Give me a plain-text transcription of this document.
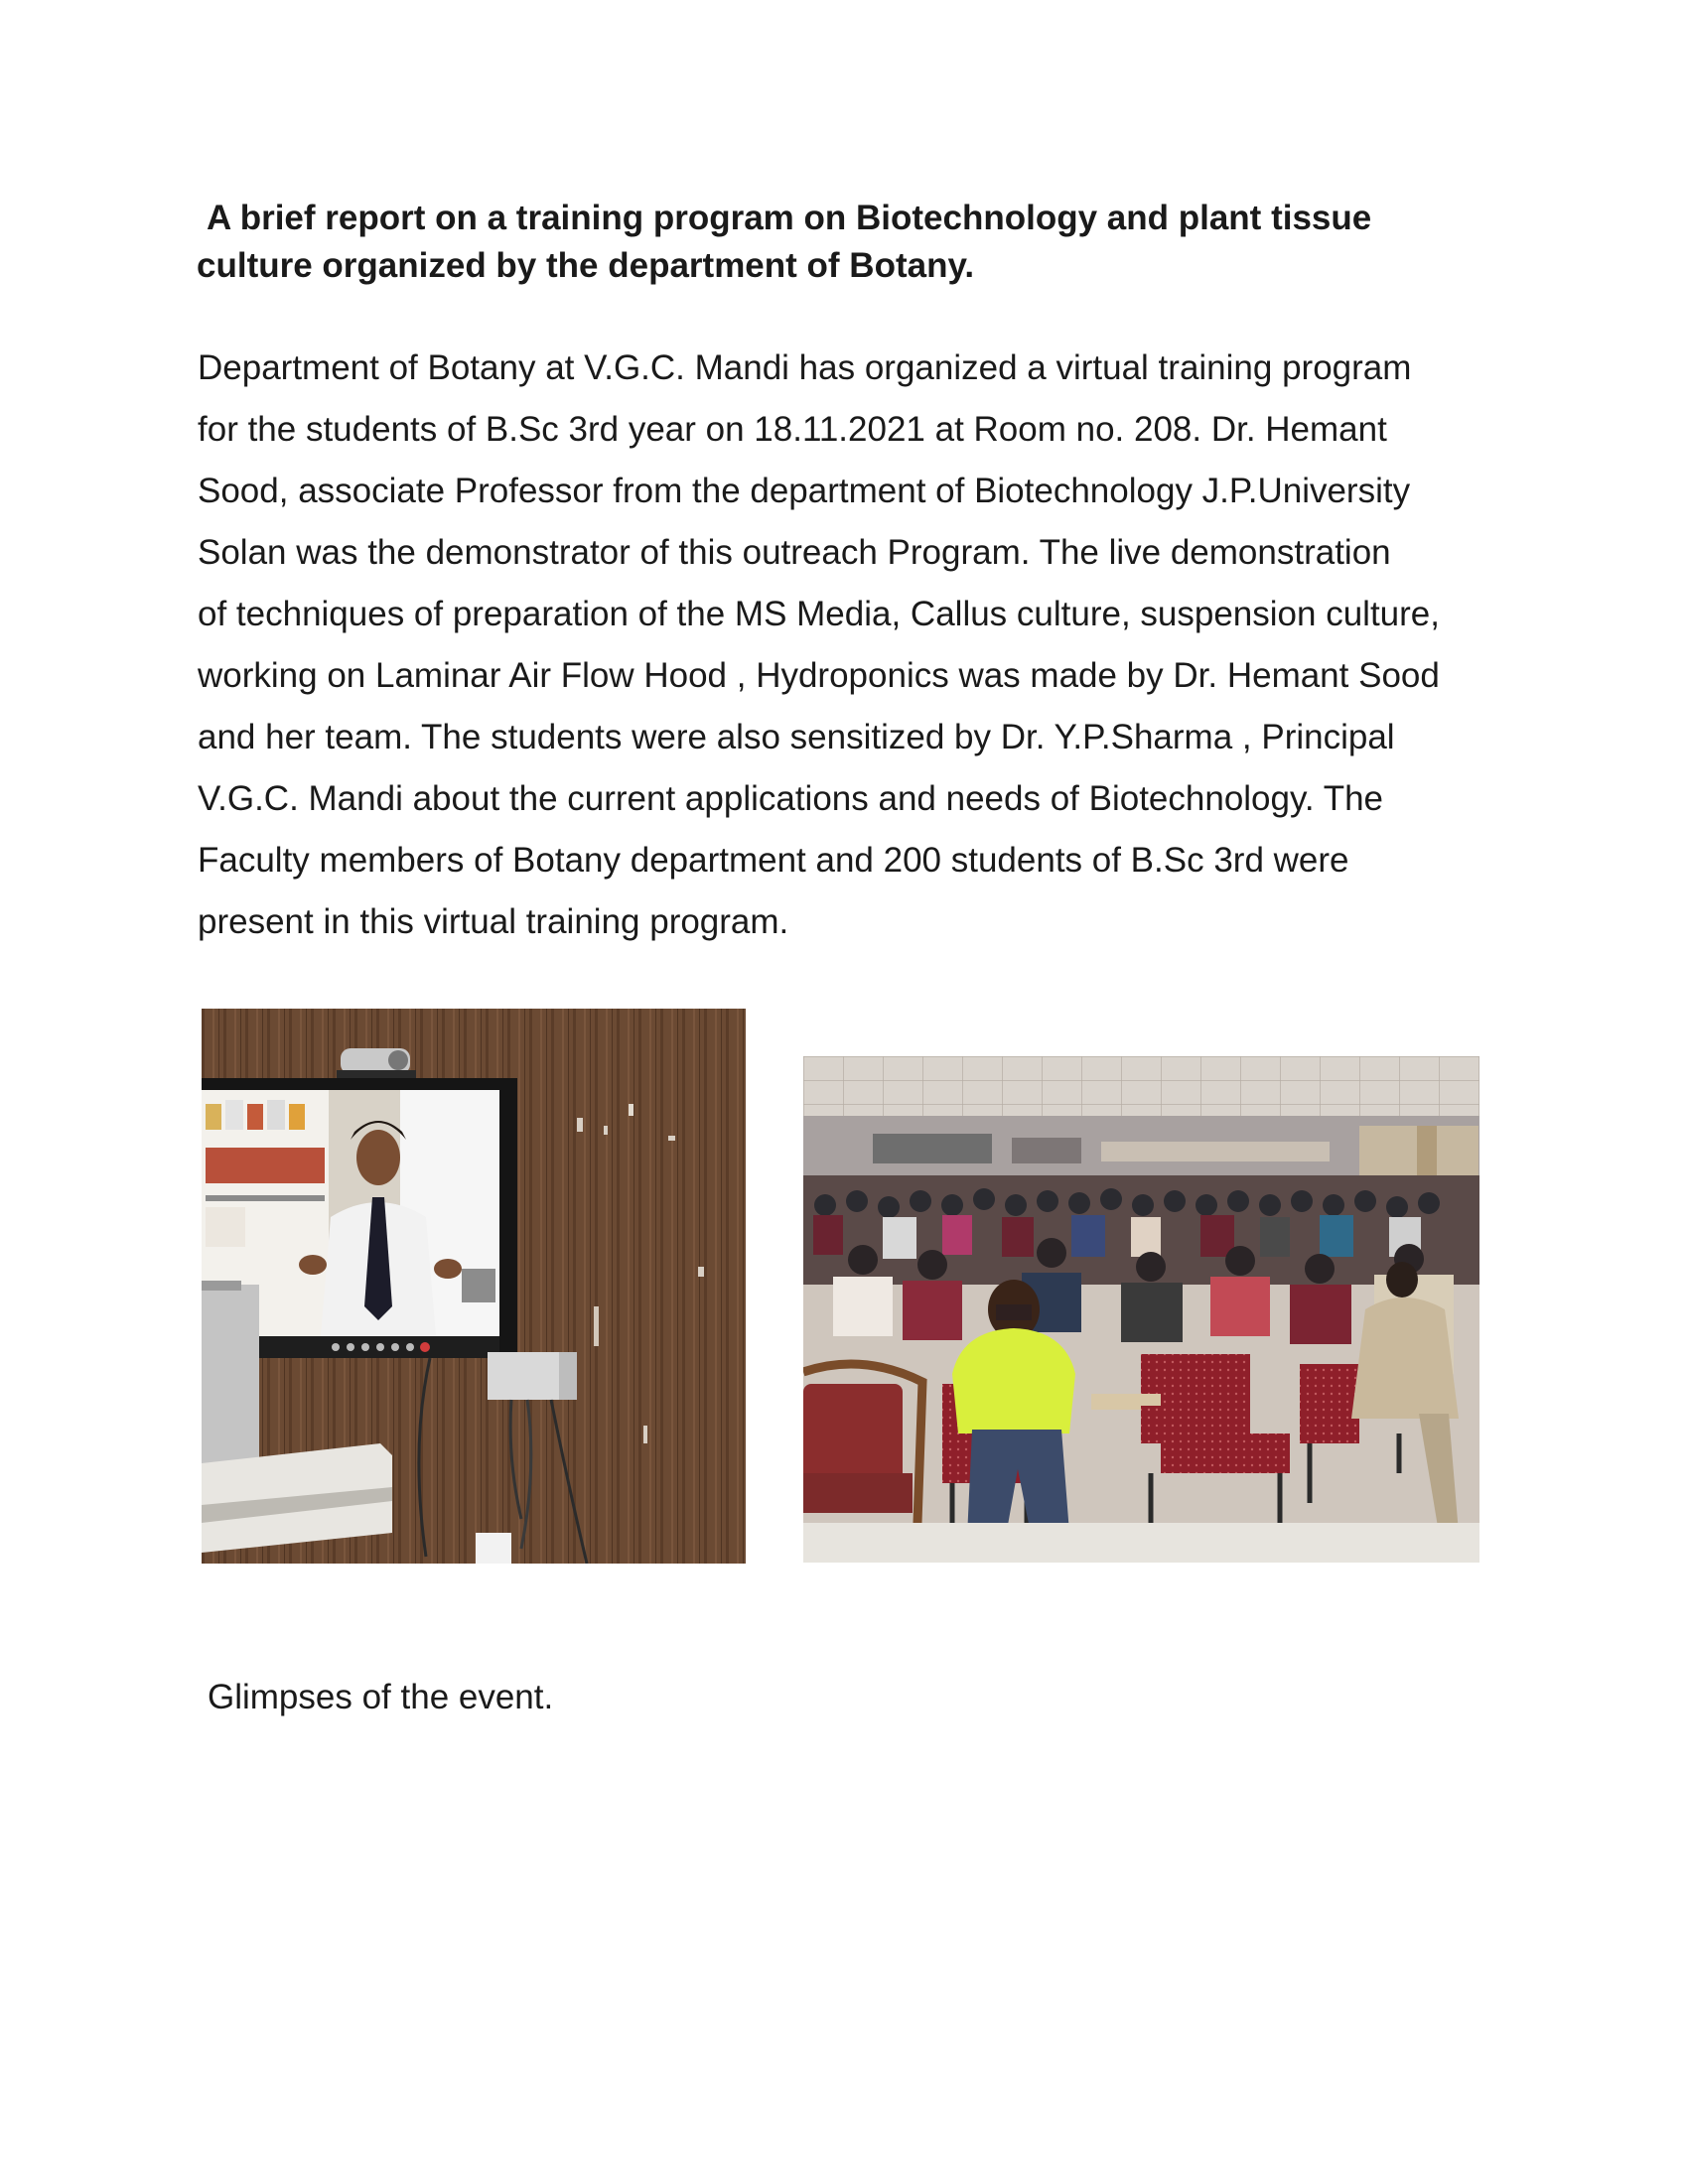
A brief report on a training program on Biotechnology and plant tissue
culture organized by the department of Botany.
Department of Botany at V.G.C. Mandi has organized a virtual training program
for the students of B.Sc 3rd year on 18.11.2021 at Room no. 208. Dr. Hemant
Sood, associate Professor from the department of Biotechnology J.P.University
Solan was the demonstrator of this outreach Program. The live demonstration
of techniques of preparation of the MS Media, Callus culture, suspension culture,
working on Laminar Air Flow Hood , Hydroponics was made by Dr. Hemant Sood
and her team. The students were also sensitized by Dr. Y.P.Sharma , Principal
V.G.C. Mandi about the current applications and needs of Biotechnology. The
Faculty members of Botany department and 200 students of B.Sc 3rd were
present in this virtual training program.
Glimpses of the event.
